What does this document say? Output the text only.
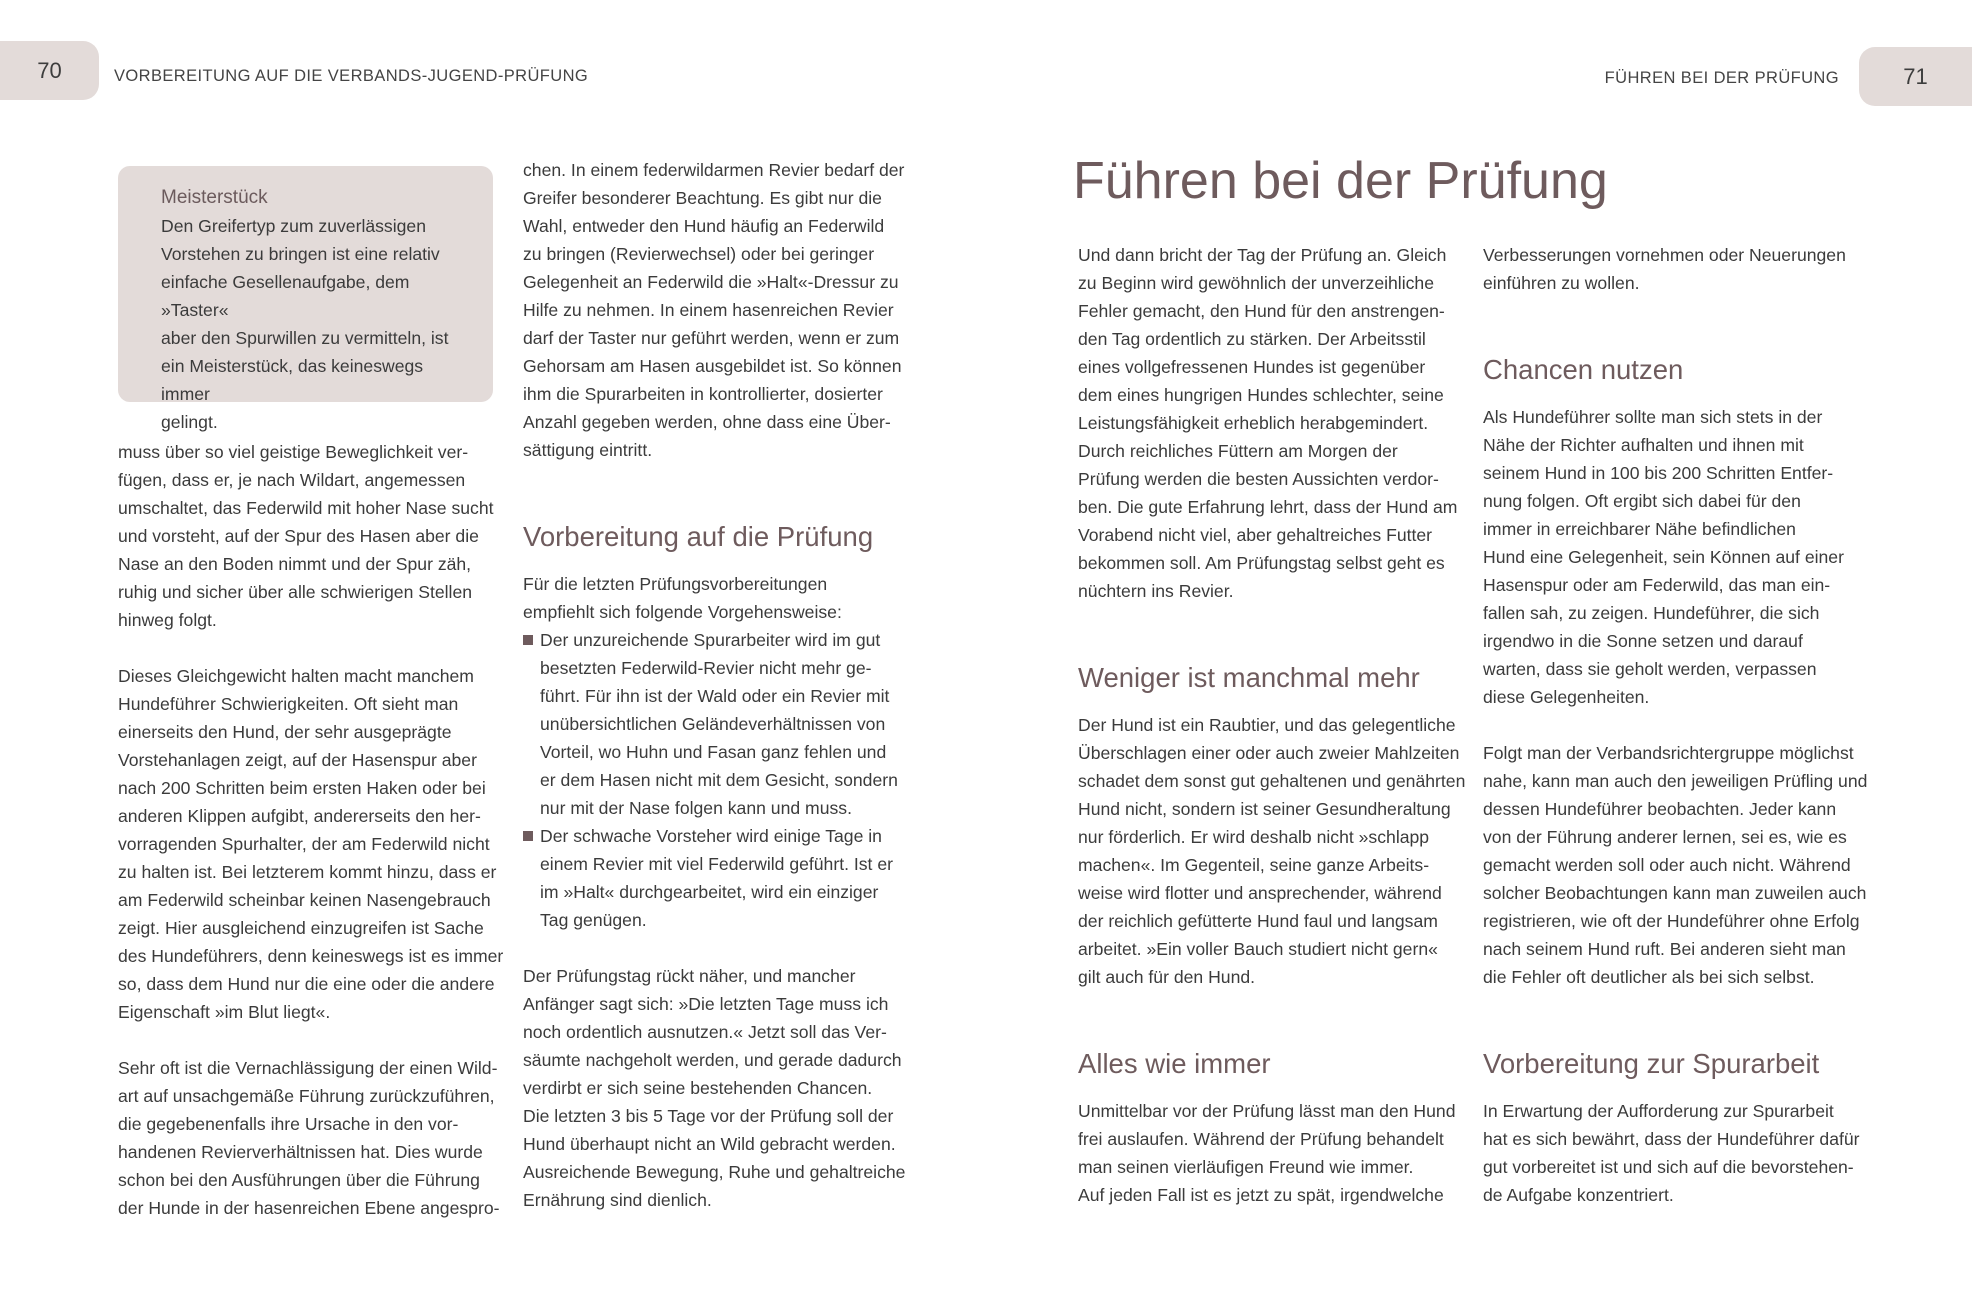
70	VORBEREITUNG AUF DIE VERBANDS-JUGEND-PRÜFUNG	FÜHREN BEI DER PRÜFUNG	71
Meisterstück

Den Greifertyp zum zuverlässigen
Vorstehen zu bringen ist eine relativ
einfache Gesellenaufgabe, dem »Taster«
aber den Spurwillen zu vermitteln, ist
ein Meisterstück, das keineswegs immer
gelingt.

muss über so viel geistige Beweglichkeit ver-
fügen, dass er, je nach Wildart, angemessen
umschaltet, das Federwild mit hoher Nase sucht
und vorsteht, auf der Spur des Hasen aber die
Nase an den Boden nimmt und der Spur zäh,
ruhig und sicher über alle schwierigen Stellen
hinweg folgt.

Dieses Gleichgewicht halten macht manchem
Hundeführer Schwierigkeiten. Oft sieht man
einerseits den Hund, der sehr ausgeprägte
Vorstehanlagen zeigt, auf der Hasenspur aber
nach 200 Schritten beim ersten Haken oder bei
anderen Klippen aufgibt, andererseits den her-
vorragenden Spurhalter, der am Federwild nicht
zu halten ist. Bei letzterem kommt hinzu, dass er
am Federwild scheinbar keinen Nasengebrauch
zeigt. Hier ausgleichend einzugreifen ist Sache
des Hundeführers, denn keineswegs ist es immer
so, dass dem Hund nur die eine oder die andere
Eigenschaft »im Blut liegt«.

Sehr oft ist die Vernachlässigung der einen Wild-
art auf unsachgemäße Führung zurückzuführen,
die gegebenenfalls ihre Ursache in den vor-
handenen Revierverhältnissen hat. Dies wurde
schon bei den Ausführungen über die Führung
der Hunde in der hasenreichen Ebene angespro-

chen. In einem federwildarmen Revier bedarf der
Greifer besonderer Beachtung. Es gibt nur die
Wahl, entweder den Hund häufig an Federwild
zu bringen (Revierwechsel) oder bei geringer
Gelegenheit an Federwild die »Halt«-Dressur zu
Hilfe zu nehmen. In einem hasenreichen Revier
darf der Taster nur geführt werden, wenn er zum
Gehorsam am Hasen ausgebildet ist. So können
ihm die Spurarbeiten in kontrollierter, dosierter
Anzahl gegeben werden, ohne dass eine Über-
sättigung eintritt.

Vorbereitung auf die Prüfung

Für die letzten Prüfungsvorbereitungen
empfiehlt sich folgende Vorgehensweise:

Der unzureichende Spurarbeiter wird im gut
besetzten Federwild-Revier nicht mehr ge-
führt. Für ihn ist der Wald oder ein Revier mit
unübersichtlichen Geländeverhältnissen von
Vorteil, wo Huhn und Fasan ganz fehlen und
er dem Hasen nicht mit dem Gesicht, sondern
nur mit der Nase folgen kann und muss.
Der schwache Vorsteher wird einige Tage in
einem Revier mit viel Federwild geführt. Ist er
im »Halt« durchgearbeitet, wird ein einziger
Tag genügen.

Der Prüfungstag rückt näher, und mancher
Anfänger sagt sich: »Die letzten Tage muss ich
noch ordentlich ausnutzen.« Jetzt soll das Ver-
säumte nachgeholt werden, und gerade dadurch
verdirbt er sich seine bestehenden Chancen.
Die letzten 3 bis 5 Tage vor der Prüfung soll der
Hund überhaupt nicht an Wild gebracht werden.
Ausreichende Bewegung, Ruhe und gehaltreiche
Ernährung sind dienlich.

Führen bei der Prüfung

Und dann bricht der Tag der Prüfung an. Gleich
zu Beginn wird gewöhnlich der unverzeihliche
Fehler gemacht, den Hund für den anstrengen-
den Tag ordentlich zu stärken. Der Arbeitsstil
eines vollgefressenen Hundes ist gegenüber
dem eines hungrigen Hundes schlechter, seine
Leistungsfähigkeit erheblich herabgemindert.
Durch reichliches Füttern am Morgen der
Prüfung werden die besten Aussichten verdor-
ben. Die gute Erfahrung lehrt, dass der Hund am
Vorabend nicht viel, aber gehaltreiches Futter
bekommen soll. Am Prüfungstag selbst geht es
nüchtern ins Revier.

Weniger ist manchmal mehr

Der Hund ist ein Raubtier, und das gelegentliche
Überschlagen einer oder auch zweier Mahlzeiten
schadet dem sonst gut gehaltenen und genährten
Hund nicht, sondern ist seiner Gesundheraltung
nur förderlich. Er wird deshalb nicht »schlapp
machen«. Im Gegenteil, seine ganze Arbeits-
weise wird flotter und ansprechender, während
der reichlich gefütterte Hund faul und langsam
arbeitet. »Ein voller Bauch studiert nicht gern«
gilt auch für den Hund.

Alles wie immer

Unmittelbar vor der Prüfung lässt man den Hund
frei auslaufen. Während der Prüfung behandelt
man seinen vierläufigen Freund wie immer.
Auf jeden Fall ist es jetzt zu spät, irgendwelche

Verbesserungen vornehmen oder Neuerungen
einführen zu wollen.

Chancen nutzen

Als Hundeführer sollte man sich stets in der
Nähe der Richter aufhalten und ihnen mit
seinem Hund in 100 bis 200 Schritten Entfer-
nung folgen. Oft ergibt sich dabei für den
immer in erreichbarer Nähe befindlichen
Hund eine Gelegenheit, sein Können auf einer
Hasenspur oder am Federwild, das man ein-
fallen sah, zu zeigen. Hundeführer, die sich
irgendwo in die Sonne setzen und darauf
warten, dass sie geholt werden, verpassen
diese Gelegenheiten.

Folgt man der Verbandsrichtergruppe möglichst
nahe, kann man auch den jeweiligen Prüfling und
dessen Hundeführer beobachten. Jeder kann
von der Führung anderer lernen, sei es, wie es
gemacht werden soll oder auch nicht. Während
solcher Beobachtungen kann man zuweilen auch
registrieren, wie oft der Hundeführer ohne Erfolg
nach seinem Hund ruft. Bei anderen sieht man
die Fehler oft deutlicher als bei sich selbst.

Vorbereitung zur Spurarbeit

In Erwartung der Aufforderung zur Spurarbeit
hat es sich bewährt, dass der Hundeführer dafür
gut vorbereitet ist und sich auf die bevorstehen-
de Aufgabe konzentriert.
